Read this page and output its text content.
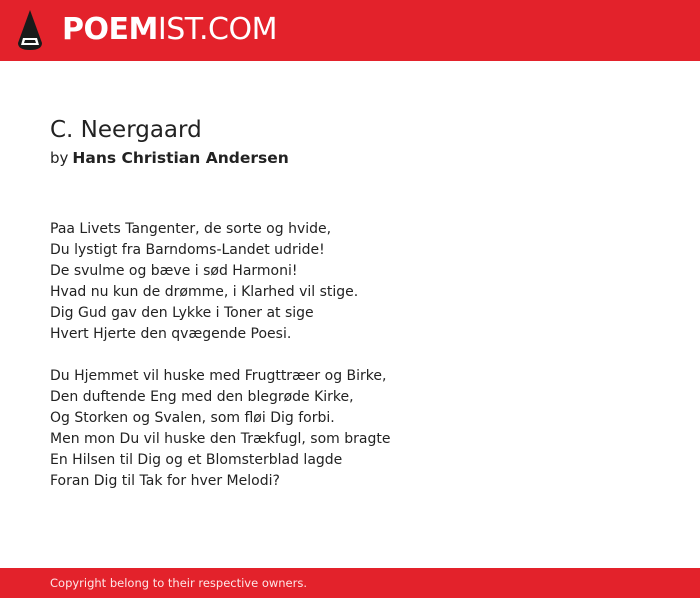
POEMIST.COM
C. Neergaard
by Hans Christian Andersen
Paa Livets Tangenter, de sorte og hvide,
Du lystigt fra Barndoms-Landet udride!
De svulme og bæve i sød Harmoni!
Hvad nu kun de drømme, i Klarhed vil stige.
Dig Gud gav den Lykke i Toner at sige
Hvert Hjerte den qvægende Poesi.
Du Hjemmet vil huske med Frugttræer og Birke,
Den duftende Eng med den blegrøde Kirke,
Og Storken og Svalen, som fløi Dig forbi.
Men mon Du vil huske den Trækfugl, som bragte
En Hilsen til Dig og et Blomsterblad lagde
Foran Dig til Tak for hver Melodi?
Copyright belong to their respective owners.
